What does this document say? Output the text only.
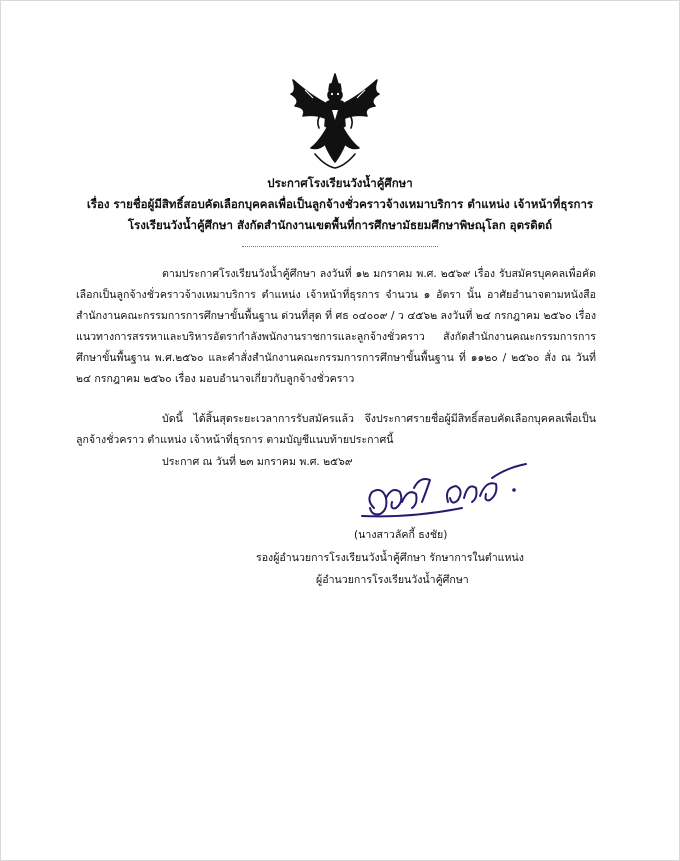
ประกาศโรงเรียนวังน้ำคู้ศึกษา
เรื่อง รายชื่อผู้มีสิทธิ์สอบคัดเลือกบุคคลเพื่อเป็นลูกจ้างชั่วคราวจ้างเหมาบริการ ตำแหน่ง เจ้าหน้าที่ธุรการ
โรงเรียนวังน้ำคู้ศึกษา สังกัดสำนักงานเขตพื้นที่การศึกษามัธยมศึกษาพิษณุโลก อุตรดิตถ์
ตามประกาศโรงเรียนวังน้ำคู้ศึกษา ลงวันที่ ๑๒ มกราคม พ.ศ. ๒๕๖๙ เรื่อง รับสมัครบุคคลเพื่อคัดเลือกเป็นลูกจ้างชั่วคราวจ้างเหมาบริการ ตำแหน่ง เจ้าหน้าที่ธุรการ จำนวน ๑ อัตรา นั้น อาศัยอำนาจตามหนังสือสำนักงานคณะกรรมการการศึกษาขั้นพื้นฐาน ด่วนที่สุด ที่ ศธ ๐๔๐๐๙ / ว ๔๕๖๒ ลงวันที่ ๒๔ กรกฎาคม ๒๕๖๐ เรื่อง แนวทางการสรรหาและบริหารอัตรากำลังพนักงานราชการและลูกจ้างชั่วคราว สังกัดสำนักงานคณะกรรมการการศึกษาขั้นพื้นฐาน พ.ศ.๒๕๖๐ และคำสั่งสำนักงานคณะกรรมการการศึกษาขั้นพื้นฐาน ที่ ๑๑๒๐ / ๒๕๖๐ สั่ง ณ วันที่ ๒๔ กรกฎาคม ๒๕๖๐ เรื่อง มอบอำนาจเกี่ยวกับลูกจ้างชั่วคราว
บัดนี้ ได้สิ้นสุดระยะเวลาการรับสมัครแล้ว จึงประกาศรายชื่อผู้มีสิทธิ์สอบคัดเลือกบุคคลเพื่อเป็นลูกจ้างชั่วคราว ตำแหน่ง เจ้าหน้าที่ธุรการ ตามบัญชีแนบท้ายประกาศนี้
ประกาศ ณ วันที่ ๒๓ มกราคม พ.ศ. ๒๕๖๙
(นางสาวลัคกี้ ธงชัย)
รองผู้อำนวยการโรงเรียนวังน้ำคู้ศึกษา รักษาการในตำแหน่ง
ผู้อำนวยการโรงเรียนวังน้ำคู้ศึกษา
